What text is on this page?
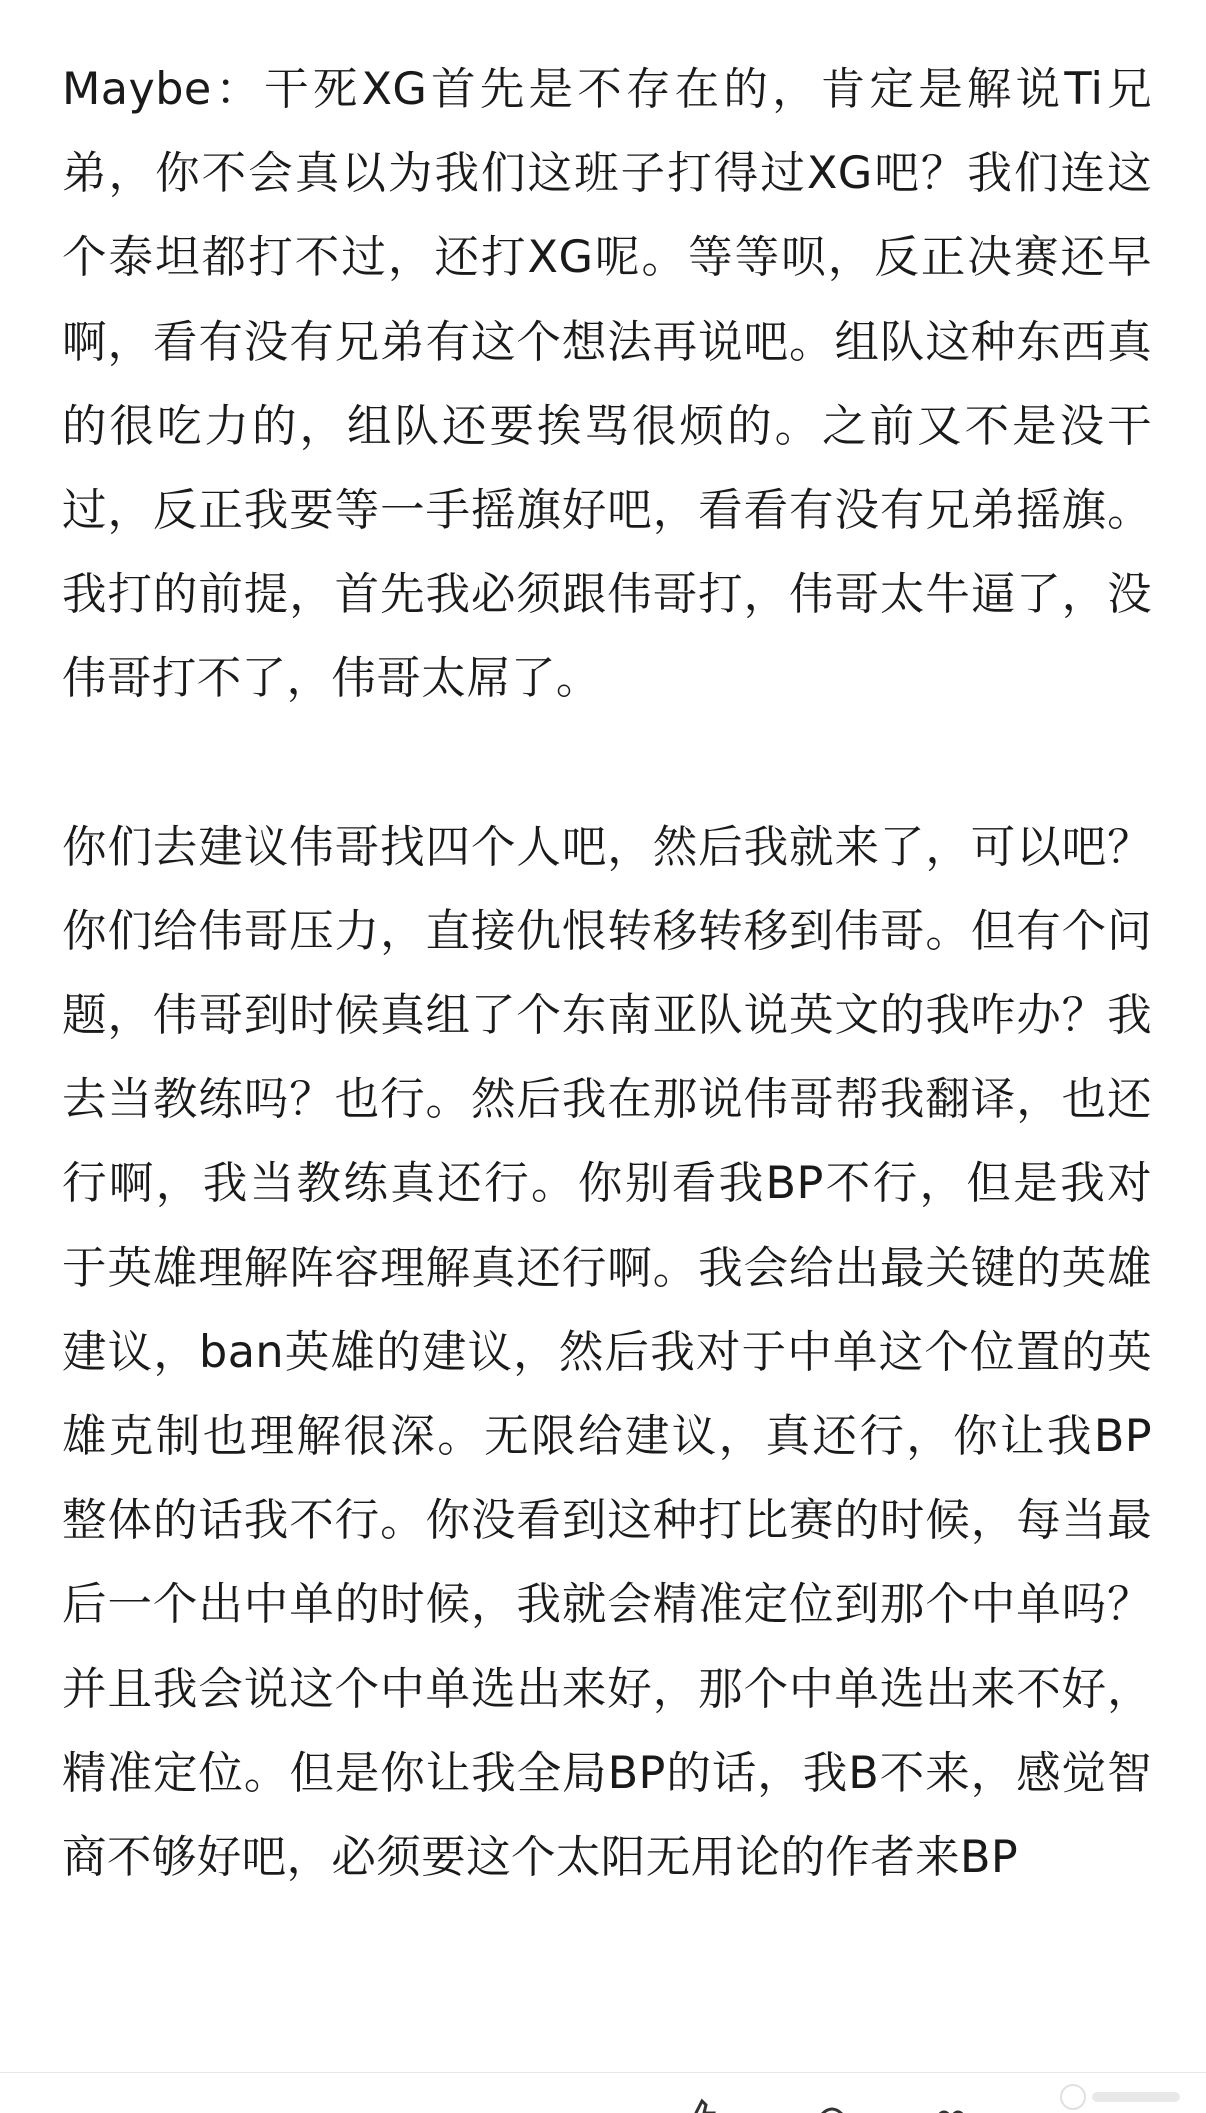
Maybe：干死XG首先是不存在的，肯定是解说Ti兄弟，你不会真以为我们这班子打得过XG吧？我们连这个泰坦都打不过，还打XG呢。等等呗，反正决赛还早啊，看有没有兄弟有这个想法再说吧。组队这种东西真的很吃力的，组队还要挨骂很烦的。之前又不是没干过，反正我要等一手摇旗好吧，看看有没有兄弟摇旗。我打的前提，首先我必须跟伟哥打，伟哥太牛逼了，没伟哥打不了，伟哥太屌了。

你们去建议伟哥找四个人吧，然后我就来了，可以吧？你们给伟哥压力，直接仇恨转移转移到伟哥。但有个问题，伟哥到时候真组了个东南亚队说英文的我咋办？我去当教练吗？也行。然后我在那说伟哥帮我翻译，也还行啊，我当教练真还行。你别看我BP不行，但是我对于英雄理解阵容理解真还行啊。我会给出最关键的英雄建议，ban英雄的建议，然后我对于中单这个位置的英雄克制也理解很深。无限给建议，真还行，你让我BP整体的话我不行。你没看到这种打比赛的时候，每当最后一个出中单的时候，我就会精准定位到那个中单吗？并且我会说这个中单选出来好，那个中单选出来不好，精准定位。但是你让我全局BP的话，我B不来，感觉智商不够好吧，必须要这个太阳无用论的作者来BP
